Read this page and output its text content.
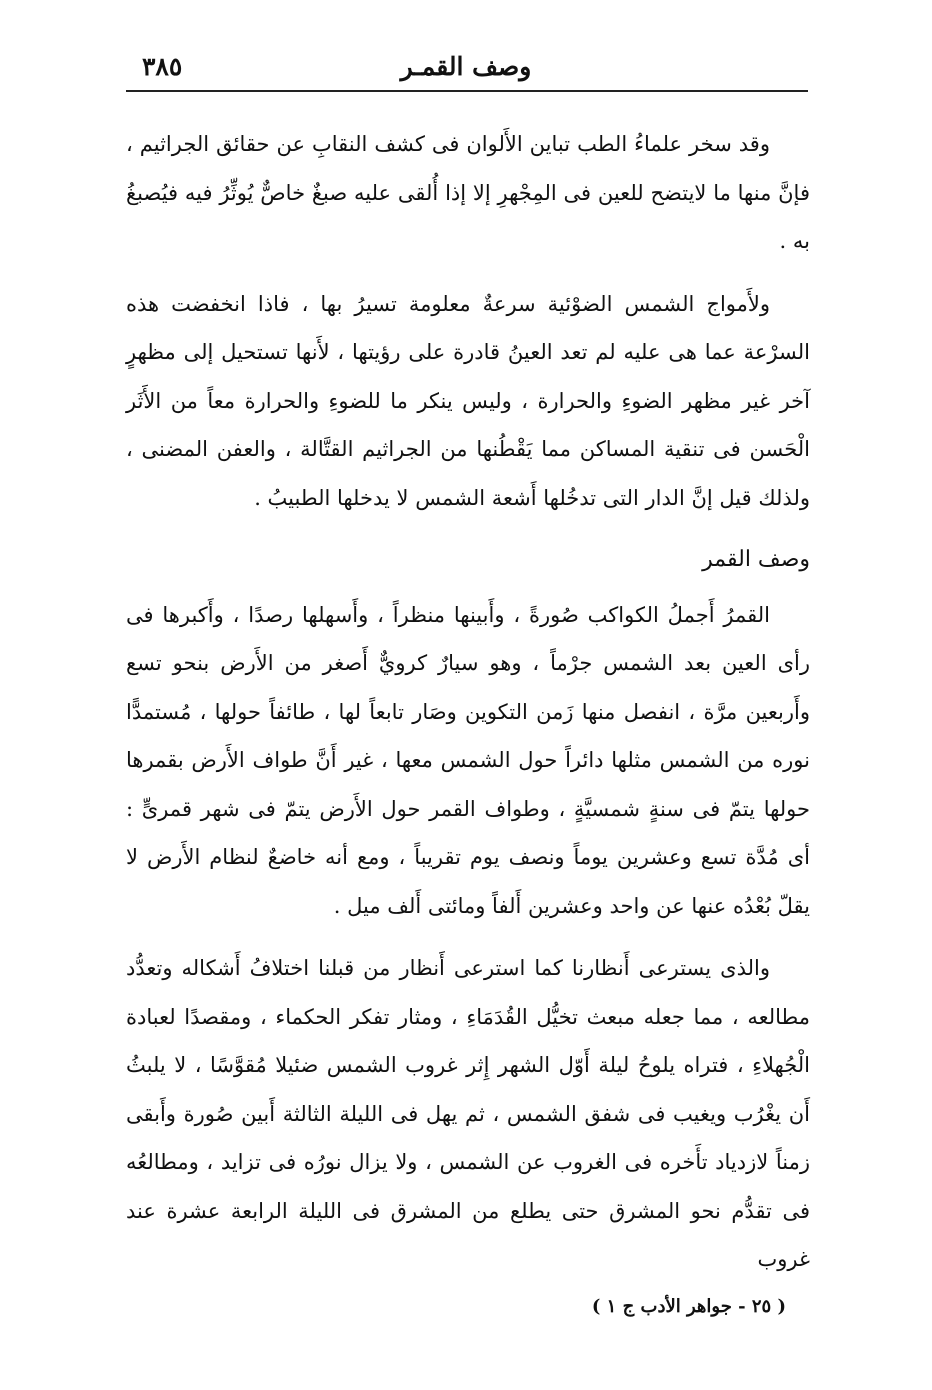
وصف القمـر
٣٨٥

وقد سخر علماءُ الطب تباين الأَلوان فى كشف النقابِ عن حقائق الجراثيم ، فإنَّ منها ما لايتضح للعين فى المِجْهرِ إلا إذا أُلقى عليه صبغٌ خاصٌّ يُوثِّرُ فيه فيُصبغُ به .

ولأَمواج الشمس الضوْئية سرعةٌ معلومة تسيرُ بها ، فاذا انخفضت هذه السرْعة عما هى عليه لم تعد العينُ قادرة على رؤيتها ، لأَنها تستحيل إلى مظهرٍ آخر غير مظهر الضوءِ والحرارة ، وليس ينكر ما للضوءِ والحرارة معاً من الأَثَر الْحَسن فى تنقية المساكن مما يَقْطُنها من الجراثيم القتَّالة ، والعفن المضنى ، ولذلك قيل إنَّ الدار التى تدخُلها أَشعة الشمس لا يدخلها الطبيبُ .

وصف القمر

القمرُ أَجملُ الكواكب صُورةً ، وأَبينها منظراً ، وأَسهلها رصدًا ، وأَكبرها فى رأى العين بعد الشمس جرْماً ، وهو سيارٌ كرويٌّ أَصغر من الأَرض بنحو تسع وأَربعين مرَّة ، انفصل منها زَمن التكوين وصَار تابعاً لها ، طائفاً حولها ، مُستمدًّا نوره من الشمس مثلها دائراً حول الشمس معها ، غير أَنَّ طواف الأَرض بقمرها حولها يتمّ فى سنةٍ شمسيَّةٍ ، وطواف القمر حول الأَرض يتمّ فى شهر قمرىٍّ : أى مُدَّة تسع وعشرين يوماً ونصف يوم تقريباً ، ومع أنه خاضعٌ لنظام الأَرض لا يقلّ بُعْدُه عنها عن واحد وعشرين أَلفاً ومائتى أَلف ميل .

والذى يسترعى أَنظارنا كما استرعى أَنظار من قبلنا اختلافُ أَشكاله وتعدُّد مطالعه ، مما جعله مبعث تخيُّل القُدَمَاءِ ، ومثار تفكر الحكماء ، ومقصدًا لعبادة الْجُهلاءِ ، فتراه يلوحُ ليلة أَوّل الشهر إِثر غروب الشمس ضئيلا مُقوَّسًا ، لا يلبثُ أَن يغْرُب ويغيب فى شفق الشمس ، ثم يهل فى الليلة الثالثة أَبين صُورة وأَبقى زمناً لازدياد تأَخره فى الغروب عن الشمس ، ولا يزال نورُه فى تزايد ، ومطالعُه فى تقدُّم نحو المشرق حتى يطلع من المشرق فى الليلة الرابعة عشرة عند غروب

( ٢٥ - جواهر الأدب ج ١ )
